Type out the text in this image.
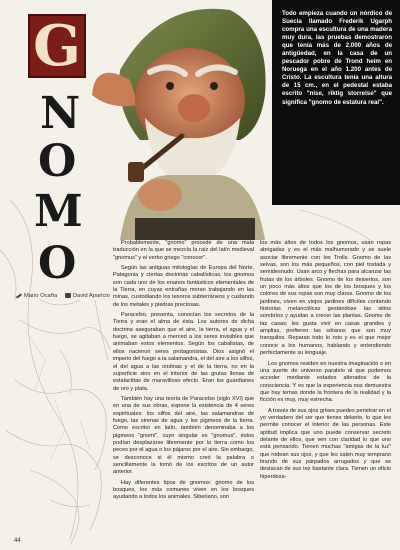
Todo empieza cuando un nórdico de Suecia llamado Frederik Ugarph compra una escultura de una madera muy dura, las pruebas demostraron que tenía más de 2.000 años de antigüedad, en la casa de un pescador pobre de Trond heim en Noruega en el año 1.200 antes de Cristo. La escultura tenía una altura de 15 cm., en el pedestal estaba escrito "nise, riktig storrelse" que significa "gnomo de estatura real".
G
N
O
M
O
Mario Ocaña	David Aparicio

Probablemente, "gnomo" procede de una mala traducción en la que se mezcla la raíz del latín medieval "gnomus" y el verbo griego "conocer".

Según las antiguas mitologías de Europa del Norte, Patagonia y ciertas doctrinas cabalísticas, los gnomos son cada uno de los enanos fantásticos elementales de la Tierra, en cuyas entrañas moran trabajando en las minas, custodiando los tesoros subterráneos y cuidando de los metales y piedras preciosas.

Paracelso, presenta, conocían los secretos de la Tierra y eran el alma de ésta. Los autores de dicha doctrina aseguraban que el aire, la tierra, el agua y el fuego, se agitaban a merced a los seres invisibles que animaban estos elementos. Según los cabalistas, de ellos nacieron seres protagonistas. Dios asignó el imperio del fuego a la salamandra, el del aire a los silfos, el del agua a las ondinas y el de la tierra, no en la superficie sino en el interior de las grutas llenas de estalactitas de maravilloso efecto. Eran los guardianes de oro y plata.

También hay una teoría de Paracelso (siglo XVI) que en una de sus obras, expone la existencia de 4 seres espirituales: los silfos del aire, las salamandras de fuego, las sirenas de agua y los pigmeos de la tierra. Como escritor en latín, también denominaba a los pigmeos "gnomi", cuyo singular es "gnomus", éstos podían desplazarse libremente por la tierra como los peces por el agua o los pájaros por el aire. Sin embargo, se desconoce si él mismo creó la palabra o sencillamente la tomó de los escritos de un autor anterior.

Hay diferentes tipos de gnomos: gnomo de los bosques, los más comunes viven en los bosques ayudando a todos los animales. Siberiano, son

los más altos de todos los gnomos, usan ropas abrigadas y es el más malhumorado y se suele asociar libremente con los Trolls. Gnomo de las selvas, son los más pequeños, con piel tostada y semidesnudo. Usan arco y flechas para alcanzar las frutas de los árboles. Gnomo de los desiertos, son un poco más altos que los de los bosques y los colores de sus ropas son muy claros. Gnomo de los jardines, viven en viejos jardines difíciles contando historias melancólicas gestándose las sitios sombríos y ayudan a crecer las plantas. Gnomo de las casas; les gusta vivir en casas grandes y amplias, prefieren las sótanos que son muy tranquilos. Reparan todo lo roto y es el que mejor conoce a los humanos, hablando y entendiendo perfectamente su lenguaje.

Los gnomos residen en nuestra imaginación o en una suerte de universo paralelo al que podemos acceder mediante estados alterados de la consciencia. Y es que la experiencia nos demuestra que hay temas donde la frontera de la realidad y la ficción es muy, muy estrecha.

A través de sus ojos grises puedes penetrar en el yo verdadero del ser que tienes delante, lo que les permite conocer el interior de las personas. Este aptitud implica que uno puede conservar secreto delante de ellos, que ven con claridad lo que uno está pensando. Tienen muchas "amigas de la luz" que rodean sus ojos, y que les salen muy temprano tirando de sus párpados arrugados y que se destacan de sus tez bastante clara. Tienen un oficio hiperdesa-

44
